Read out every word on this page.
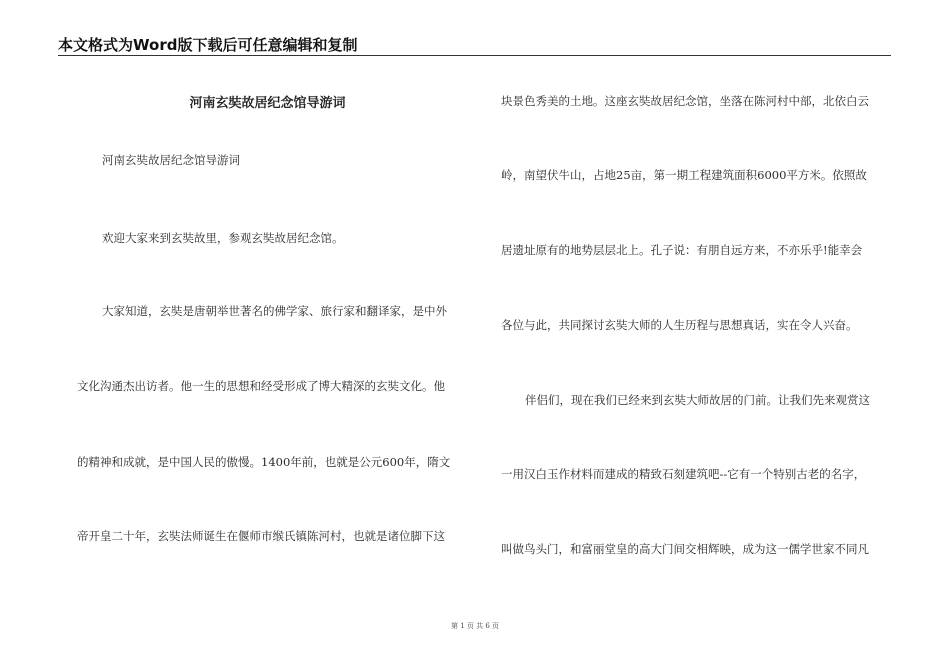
本文格式为Word版下载后可任意编辑和复制
河南玄奘故居纪念馆导游词
河南玄奘故居纪念馆导游词
欢迎大家来到玄奘故里，参观玄奘故居纪念馆。
大家知道，玄奘是唐朝举世著名的佛学家、旅行家和翻译家，是中外
文化沟通杰出访者。他一生的思想和经受形成了博大精深的玄奘文化。他
的精神和成就，是中国人民的傲慢。1400年前，也就是公元600年，隋文
帝开皇二十年，玄奘法师诞生在偃师市缑氏镇陈河村，也就是诸位脚下这
块景色秀美的土地。这座玄奘故居纪念馆，坐落在陈河村中部，北依白云
岭，南望伏牛山，占地25亩，第一期工程建筑面积6000平方米。依照故
居遗址原有的地势层层北上。孔子说：有朋自远方来，不亦乐乎!能幸会
各位与此，共同探讨玄奘大师的人生历程与思想真话，实在令人兴奋。
伴侣们，现在我们已经来到玄奘大师故居的门前。让我们先来观赏这
一用汉白玉作材料而建成的精致石刻建筑吧--它有一个特别古老的名字，
叫做鸟头门，和富丽堂皇的高大门间交相辉映，成为这一儒学世家不同凡
第 1 页 共 6 页
